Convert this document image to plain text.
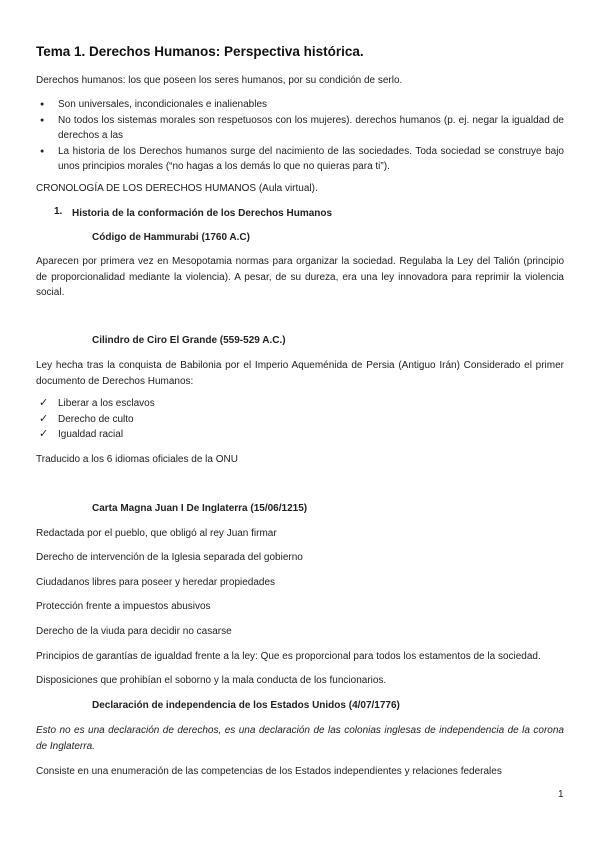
Tema 1. Derechos Humanos: Perspectiva histórica.

Derechos humanos: los que poseen los seres humanos, por su condición de serlo.

● Son universales, incondicionales e inalienables
● No todos los sistemas morales son respetuosos con los mujeres). derechos humanos (p. ej. negar la igualdad de derechos a las
● La historia de los Derechos humanos surge del nacimiento de las sociedades. Toda sociedad se construye bajo unos principios morales (“no hagas a los demás lo que no quieras para ti”).

CRONOLOGÍA DE LOS DERECHOS HUMANOS (Aula virtual).

1. Historia de la conformación de los Derechos Humanos

Código de Hammurabi (1760 A.C)

Aparecen por primera vez en Mesopotamia normas para organizar la sociedad. Regulaba la Ley del Talión (principio de proporcionalidad mediante la violencia). A pesar, de su dureza, era una ley innovadora para reprimir la violencia social.

Cilindro de Ciro El Grande (559-529 A.C.)

Ley hecha tras la conquista de Babilonia por el Imperio Aqueménida de Persia (Antiguo Irán) Considerado el primer documento de Derechos Humanos:

✓ Liberar a los esclavos
✓ Derecho de culto
✓ Igualdad racial

Traducido a los 6 idiomas oficiales de la ONU

Carta Magna Juan I De Inglaterra (15/06/1215)

Redactada por el pueblo, que obligó al rey Juan firmar

Derecho de intervención de la Iglesia separada del gobierno

Ciudadanos libres para poseer y heredar propiedades

Protección frente a impuestos abusivos

Derecho de la viuda para decidir no casarse

Principios de garantías de igualdad frente a la ley: Que es proporcional para todos los estamentos de la sociedad.

Disposiciones que prohibían el soborno y la mala conducta de los funcionarios.

Declaración de independencia de los Estados Unidos (4/07/1776)

Esto no es una declaración de derechos, es una declaración de las colonias inglesas de independencia de la corona de Inglaterra.

Consiste en una enumeración de las competencias de los Estados independientes y relaciones federales

1
